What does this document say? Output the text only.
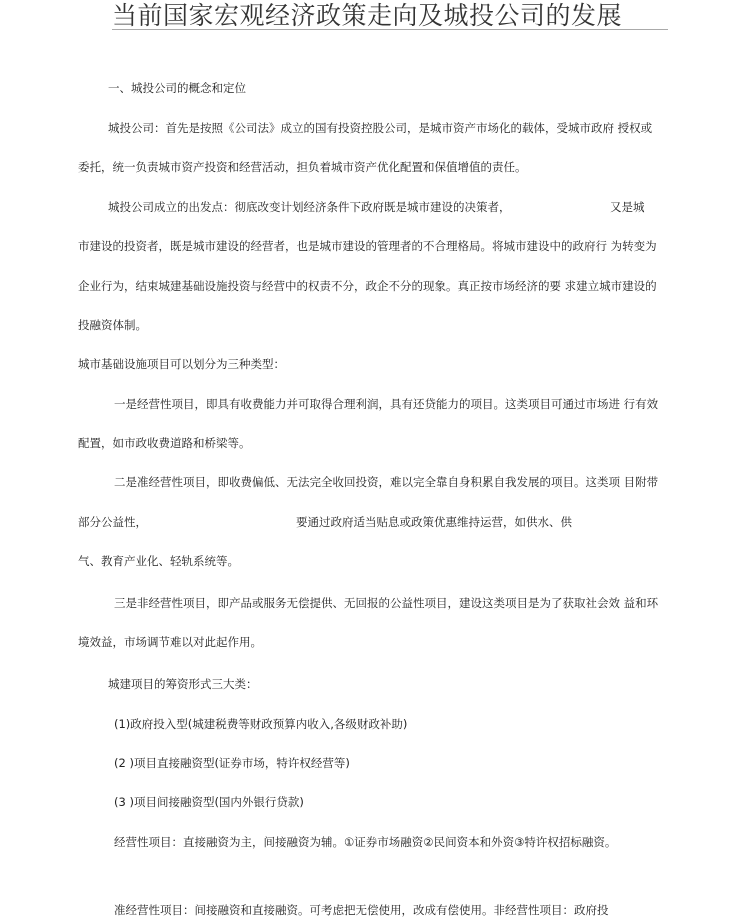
当前国家宏观经济政策走向及城投公司的发展
一、城投公司的概念和定位
城投公司：首先是按照《公司法》成立的国有投资控股公司，是城市资产市场化的载体，受城市政府 授权或
委托，统一负责城市资产投资和经营活动，担负着城市资产优化配置和保值增值的责任。
城投公司成立的出发点：彻底改变计划经济条件下政府既是城市建设的决策者，	又是城
市建设的投资者，既是城市建设的经营者，也是城市建设的管理者的不合理格局。将城市建设中的政府行 为转变为
企业行为，结束城建基础设施投资与经营中的权责不分，政企不分的现象。真正按市场经济的要 求建立城市建设的
投融资体制。
城市基础设施项目可以划分为三种类型：
一是经营性项目，即具有收费能力并可取得合理利润，具有还贷能力的项目。这类项目可通过市场进 行有效
配置，如市政收费道路和桥梁等。
二是准经营性项目，即收费偏低、无法完全收回投资，难以完全靠自身积累自我发展的项目。这类项 目附带
部分公益性，	要通过政府适当贴息或政策优惠维持运营，如供水、供
气、教育产业化、轻轨系统等。
三是非经营性项目，即产品或服务无偿提供、无回报的公益性项目，建设这类项目是为了获取社会效 益和环
境效益，市场调节难以对此起作用。
城建项目的筹资形式三大类：
(1)政府投入型(城建税费等财政预算内收入,各级财政补助)
(2 )项目直接融资型(证券市场，特许权经营等)
(3 )项目间接融资型(国内外银行贷款)
经营性项目：直接融资为主，间接融资为辅。①证券市场融资②民间资本和外资③特许权招标融资。
准经营性项目：间接融资和直接融资。可考虑把无偿使用，改成有偿使用。非经营性项目：政府投
